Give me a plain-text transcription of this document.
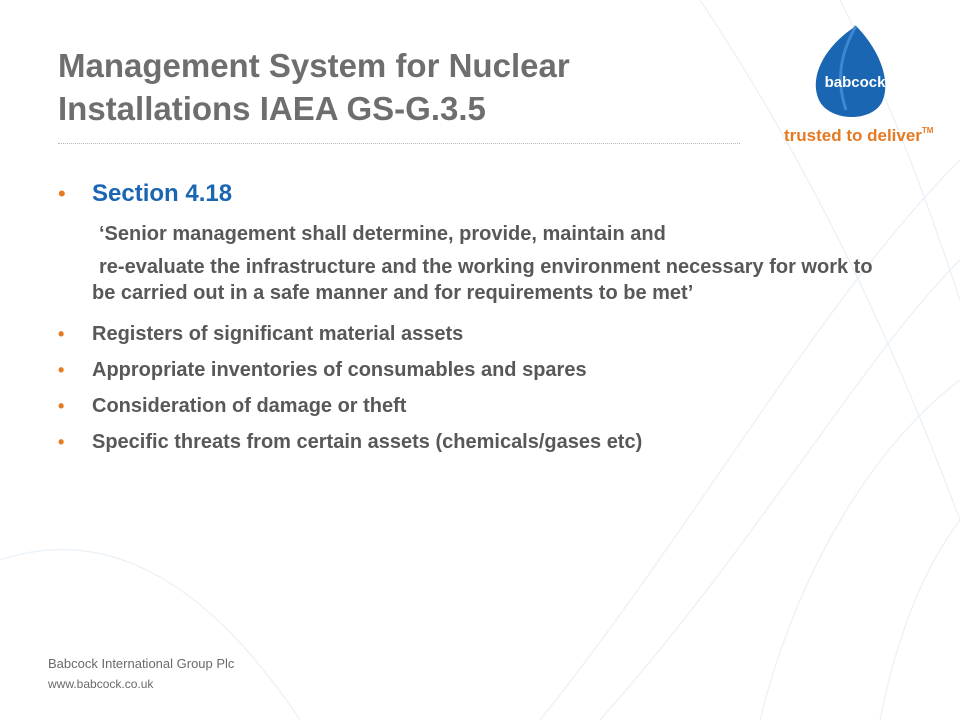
Management System for Nuclear
Installations IAEA GS-G.3.5
babcock
trusted to deliver™
• Section 4.18
‘Senior management shall determine, provide, maintain and
re-evaluate the infrastructure and the working environment necessary for work to be carried out in a safe manner and for requirements to be met’
• Registers of significant material assets
• Appropriate inventories of consumables and spares
• Consideration of damage or theft
• Specific threats from certain assets (chemicals/gases etc)
Babcock International Group Plc
www.babcock.co.uk
